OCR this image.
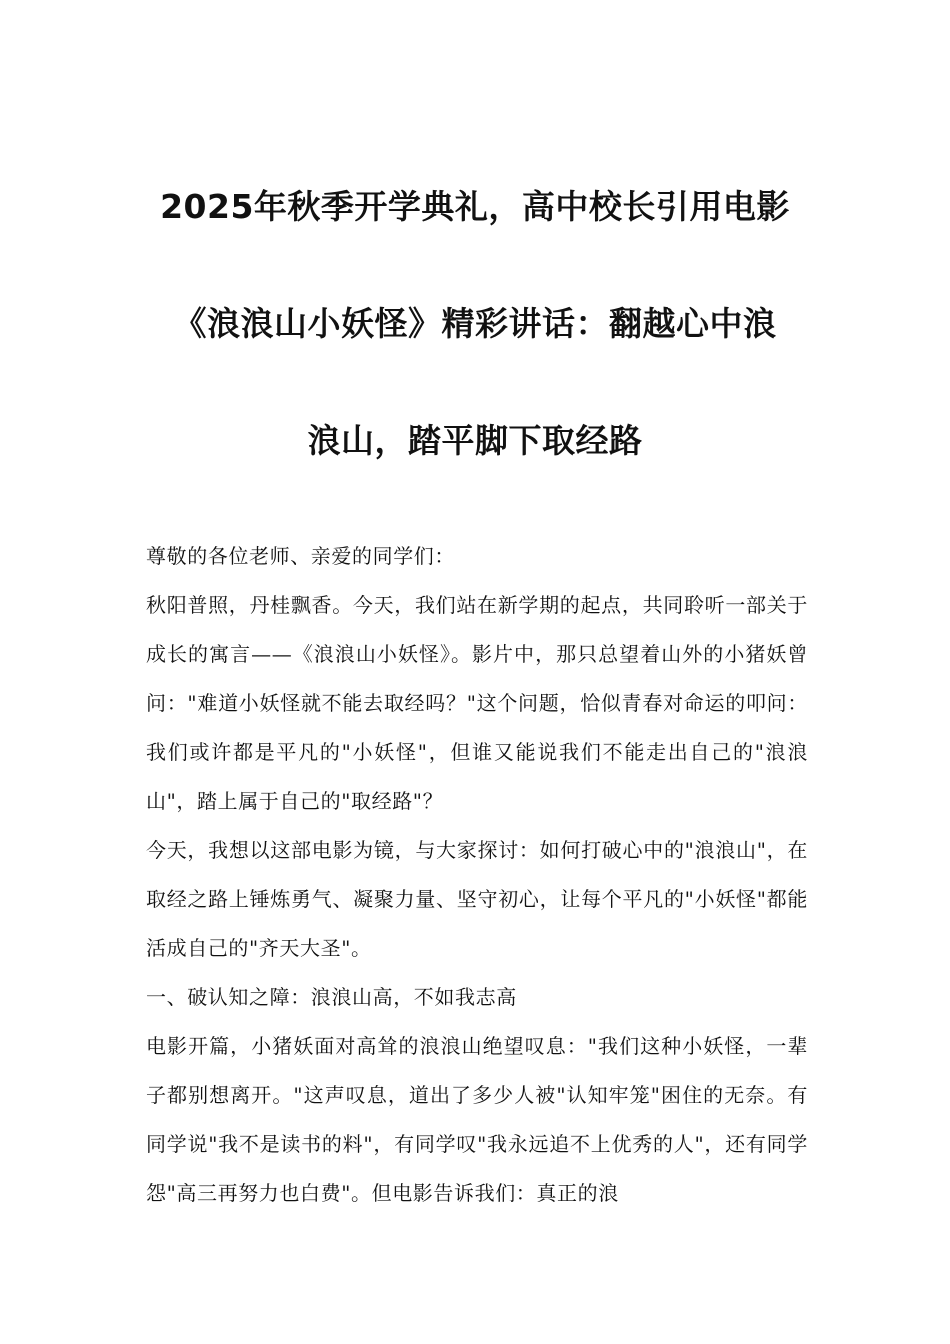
2025年秋季开学典礼，高中校长引用电影
《浪浪山小妖怪》精彩讲话：翻越心中浪
浪山，踏平脚下取经路

尊敬的各位老师、亲爱的同学们：

秋阳普照，丹桂飘香。今天，我们站在新学期的起点，共同聆听一部关于成长的寓言——《浪浪山小妖怪》。影片中，那只总望着山外的小猪妖曾问："难道小妖怪就不能去取经吗？"这个问题，恰似青春对命运的叩问：我们或许都是平凡的"小妖怪"，但谁又能说我们不能走出自己的"浪浪山"，踏上属于自己的"取经路"？

今天，我想以这部电影为镜，与大家探讨：如何打破心中的"浪浪山"，在取经之路上锤炼勇气、凝聚力量、坚守初心，让每个平凡的"小妖怪"都能活成自己的"齐天大圣"。

一、破认知之障：浪浪山高，不如我志高

电影开篇，小猪妖面对高耸的浪浪山绝望叹息："我们这种小妖怪，一辈子都别想离开。"这声叹息，道出了多少人被"认知牢笼"困住的无奈。有同学说"我不是读书的料"，有同学叹"我永远追不上优秀的人"，还有同学怨"高三再努力也白费"。但电影告诉我们：真正的浪
